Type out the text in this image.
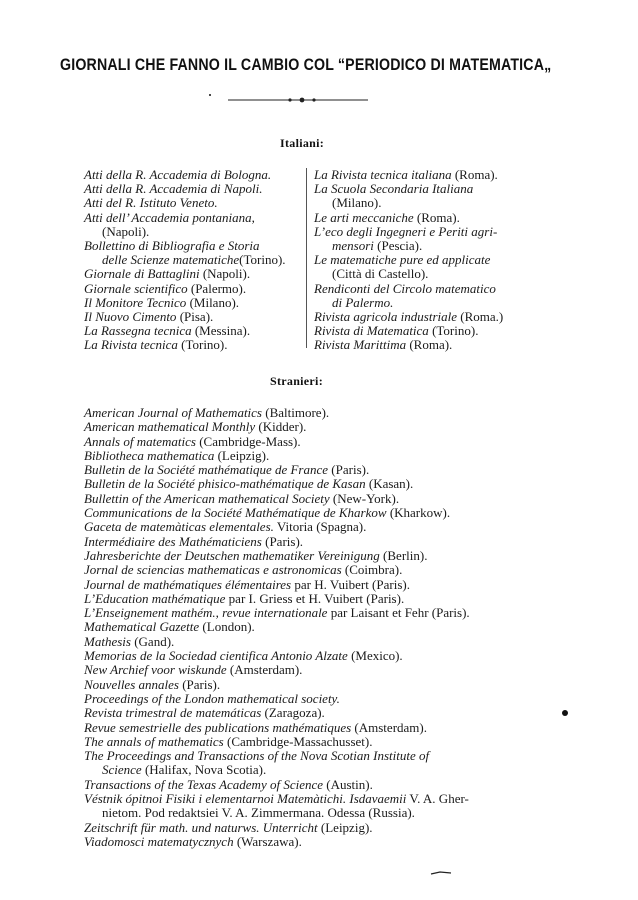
GIORNALI CHE FANNO IL CAMBIO COL “PERIODICO DI MATEMATICA„
Italiani:

Atti della R. Accademia di Bologna.

Atti della R. Accademia di Napoli.

Atti del R. Istituto Veneto.

Atti dell’ Accademia pontaniana,

(Napoli).

Bollettino di Bibliografia e Storia

delle Scienze matematiche(Torino).

Giornale di Battaglini (Napoli).

Giornale scientifico (Palermo).

Il Monitore Tecnico (Milano).

Il Nuovo Cimento (Pisa).

La Rassegna tecnica (Messina).

La Rivista tecnica (Torino).

La Rivista tecnica italiana (Roma).

La Scuola Secondaria Italiana

(Milano).

Le arti meccaniche (Roma).

L’eco degli Ingegneri e Periti agri-

mensori (Pescia).

Le matematiche pure ed applicate

(Città di Castello).

Rendiconti del Circolo matematico

di Palermo.

Rivista agricola industriale (Roma.)

Rivista di Matematica (Torino).

Rivista Marittima (Roma).

Stranieri:

American Journal of Mathematics (Baltimore).

American mathematical Monthly (Kidder).

Annals of matematics (Cambridge-Mass).

Bibliotheca mathematica (Leipzig).

Bulletin de la Société mathématique de France (Paris).

Bulletin de la Société phisico-mathématique de Kasan (Kasan).

Bullettin of the American mathematical Society (New-York).

Communications de la Société Mathématique de Kharkow (Kharkow).

Gaceta de matemàticas elementales. Vitoria (Spagna).

Intermédiaire des Mathématiciens (Paris).

Jahresberichte der Deutschen mathematiker Vereinigung (Berlin).

Jornal de sciencias mathematicas e astronomicas (Coimbra).

Journal de mathématiques élémentaires par H. Vuibert (Paris).

L’Education mathématique par I. Griess et H. Vuibert (Paris).

L’Enseignement mathém., revue internationale par Laisant et Fehr (Paris).

Mathematical Gazette (London).

Mathesis (Gand).

Memorias de la Sociedad cientifica Antonio Alzate (Mexico).

New Archief voor wiskunde (Amsterdam).

Nouvelles annales (Paris).

Proceedings of the London mathematical society.

Revista trimestral de matemáticas (Zaragoza).

Revue semestrielle des publications mathématiques (Amsterdam).

The annals of mathematics (Cambridge-Massachusset).

The Proceedings and Transactions of the Nova Scotian Institute of

Science (Halifax, Nova Scotia).

Transactions of the Texas Academy of Science (Austin).

Véstnik ópitnoi Fisiki i elementarnoi Matemàtichi. Isdavaemii V. A. Gher-

nietom. Pod redaktsiei V. A. Zimmermana. Odessa (Russia).

Zeitschrift für math. und naturws. Unterricht (Leipzig).

Viadomosci matematycznych (Warszawa).
